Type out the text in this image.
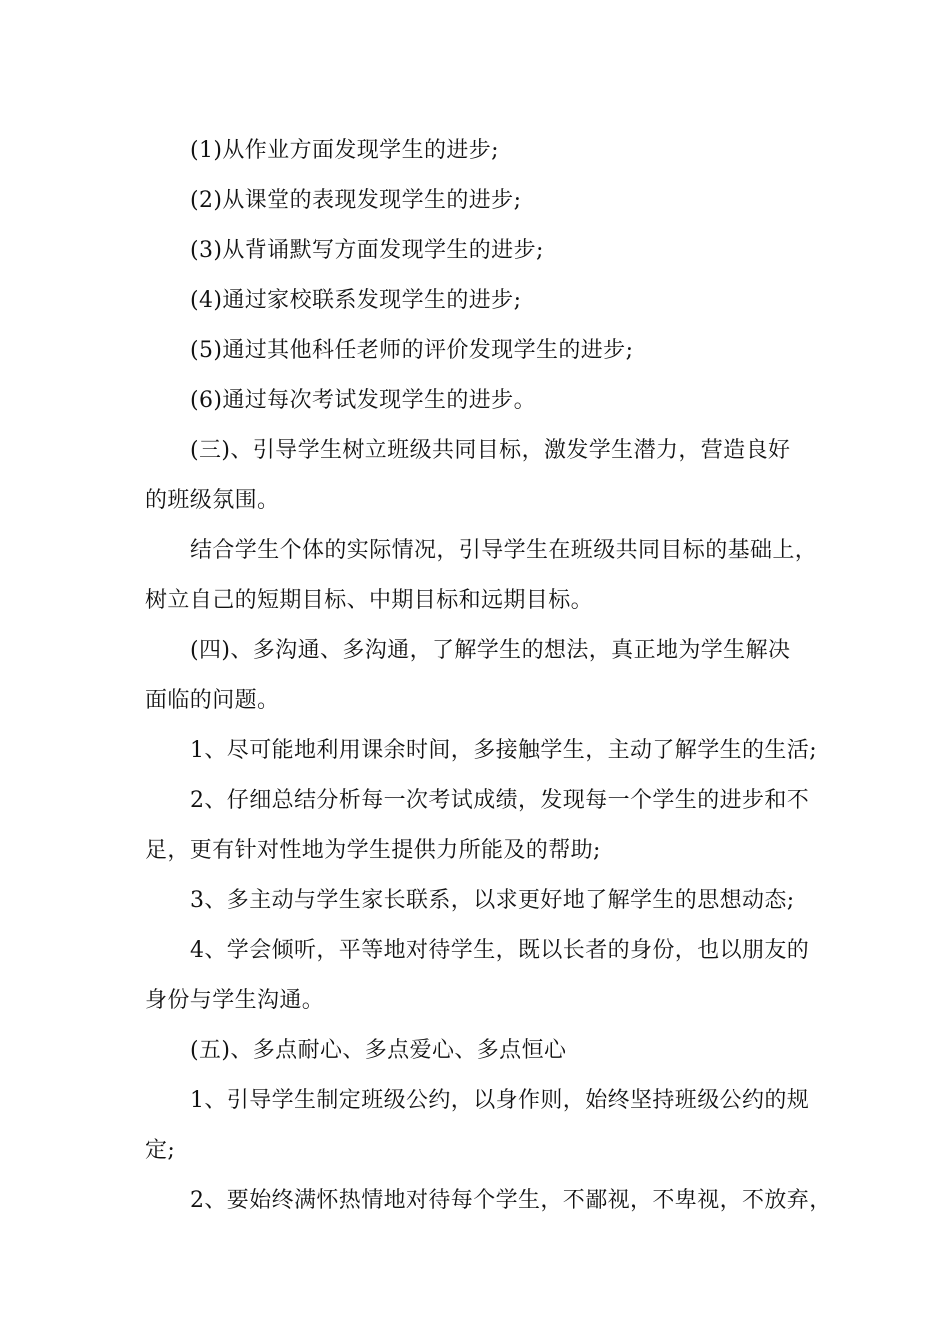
(1)从作业方面发现学生的进步;

(2)从课堂的表现发现学生的进步;

(3)从背诵默写方面发现学生的进步;

(4)通过家校联系发现学生的进步;

(5)通过其他科任老师的评价发现学生的进步;

(6)通过每次考试发现学生的进步。

(三)、引导学生树立班级共同目标，激发学生潜力，营造良好

的班级氛围。

结合学生个体的实际情况，引导学生在班级共同目标的基础上，

树立自己的短期目标、中期目标和远期目标。

(四)、多沟通、多沟通，了解学生的想法，真正地为学生解决

面临的问题。

1、尽可能地利用课余时间，多接触学生，主动了解学生的生活;

2、仔细总结分析每一次考试成绩，发现每一个学生的进步和不

足，更有针对性地为学生提供力所能及的帮助;

3、多主动与学生家长联系，以求更好地了解学生的思想动态;

4、学会倾听，平等地对待学生，既以长者的身份，也以朋友的

身份与学生沟通。

(五)、多点耐心、多点爱心、多点恒心

1、引导学生制定班级公约，以身作则，始终坚持班级公约的规

定;

2、要始终满怀热情地对待每个学生，不鄙视，不卑视，不放弃，
